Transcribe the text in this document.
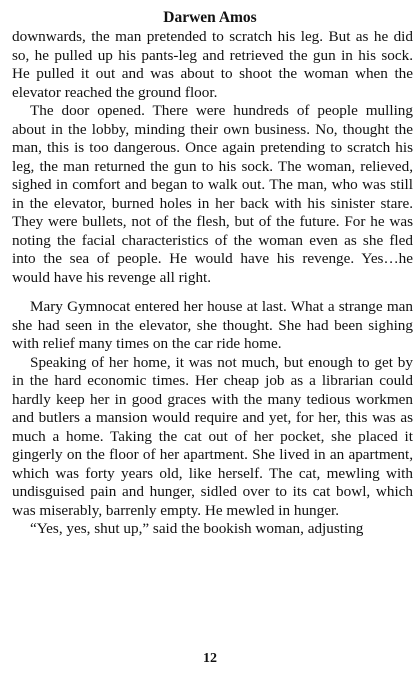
Darwen Amos

downwards, the man pretended to scratch his leg. But as he did so, he pulled up his pants-leg and retrieved the gun in his sock. He pulled it out and was about to shoot the woman when the elevator reached the ground floor.

The door opened. There were hundreds of people mulling about in the lobby, minding their own business. No, thought the man, this is too dangerous. Once again pretending to scratch his leg, the man returned the gun to his sock. The woman, relieved, sighed in comfort and began to walk out. The man, who was still in the elevator, burned holes in her back with his sinister stare. They were bullets, not of the flesh, but of the future. For he was noting the facial characteristics of the woman even as she fled into the sea of people. He would have his revenge. Yes…he would have his revenge all right.

Mary Gymnocat entered her house at last. What a strange man she had seen in the elevator, she thought. She had been sighing with relief many times on the car ride home.

Speaking of her home, it was not much, but enough to get by in the hard economic times. Her cheap job as a librarian could hardly keep her in good graces with the many tedious workmen and butlers a mansion would require and yet, for her, this was as much a home. Taking the cat out of her pocket, she placed it gingerly on the floor of her apartment. She lived in an apartment, which was forty years old, like herself. The cat, mewling with undisguised pain and hunger, sidled over to its cat bowl, which was miserably, barrenly empty. He mewled in hunger.

“Yes, yes, shut up,” said the bookish woman, adjusting

12
